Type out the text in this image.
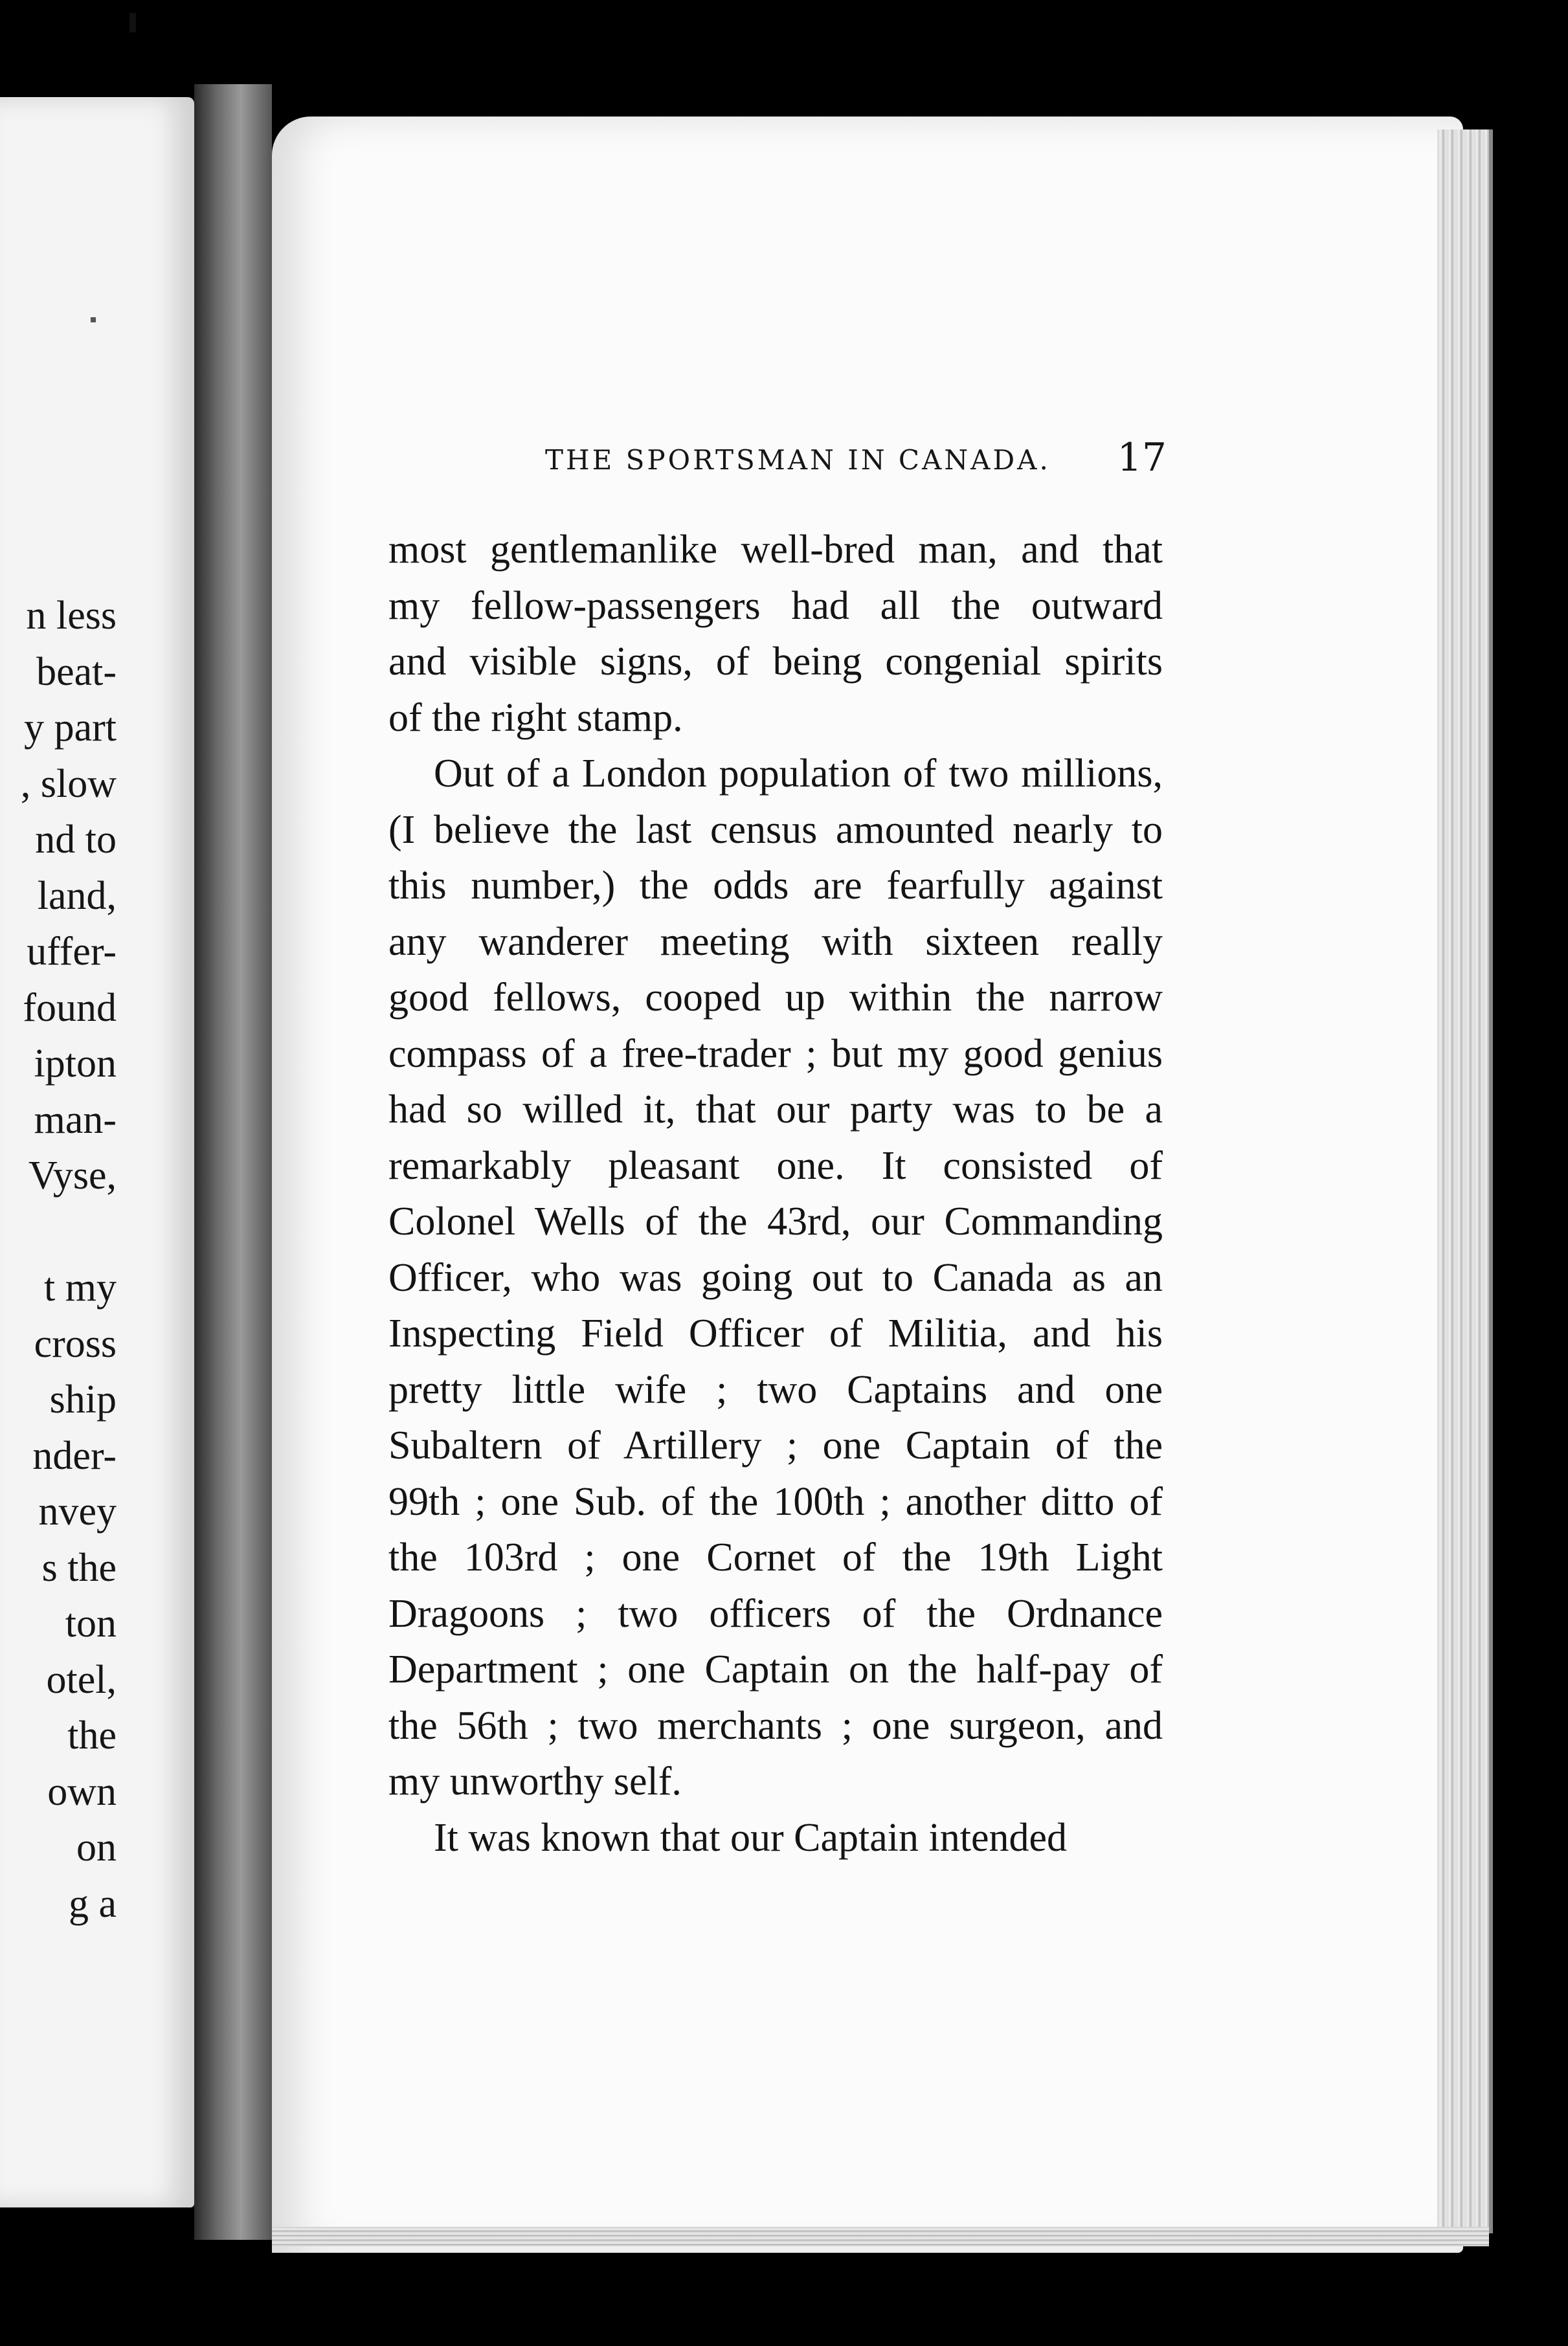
n less
beat-
y part
, slow
nd to
land,
uffer-
found
ipton
man-
Vyse,
t my
cross
ship
nder-
nvey
s the
ton
otel,
the
own
on
g a
THE SPORTSMAN IN CANADA. 17
most gentlemanlike well-bred man, and that
my fellow-passengers had all the outward
and visible signs, of being congenial spirits
of the right stamp.
Out of a London population of two millions,
(I believe the last census amounted nearly to
this number,) the odds are fearfully against
any wanderer meeting with sixteen really
good fellows, cooped up within the narrow
compass of a free-trader ; but my good genius
had so willed it, that our party was to be a
remarkably pleasant one. It consisted of
Colonel Wells of the 43rd, our Commanding
Officer, who was going out to Canada as an
Inspecting Field Officer of Militia, and his
pretty little wife ; two Captains and one
Subaltern of Artillery ; one Captain of the
99th ; one Sub. of the 100th ; another ditto of
the 103rd ; one Cornet of the 19th Light
Dragoons ; two officers of the Ordnance
Department ; one Captain on the half-pay of
the 56th ; two merchants ; one surgeon, and
my unworthy self.
It was known that our Captain intended
